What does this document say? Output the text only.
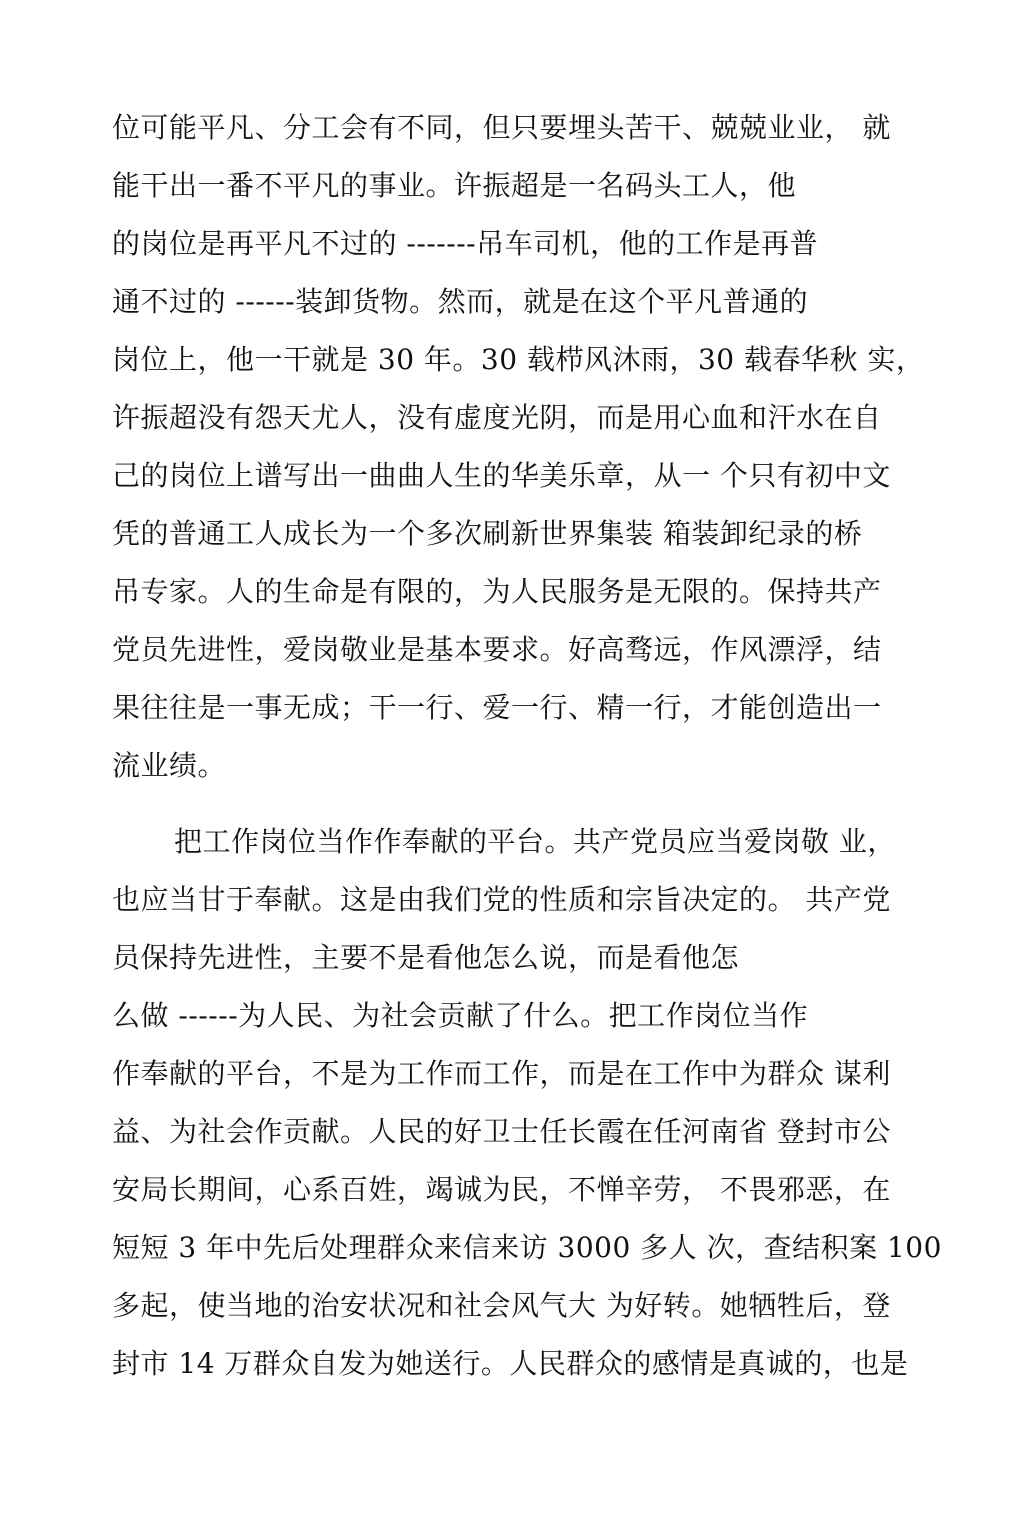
位可能平凡、分工会有不同，但只要埋头苦干、兢兢业业， 就
能干出一番不平凡的事业。许振超是一名码头工人，他
的岗位是再平凡不过的 -------吊车司机，他的工作是再普
通不过的 ------装卸货物。然而，就是在这个平凡普通的
岗位上，他一干就是 30 年。30 载栉风沐雨，30 载春华秋 实，
许振超没有怨天尤人，没有虚度光阴，而是用心血和汗水在自
己的岗位上谱写出一曲曲人生的华美乐章，从一 个只有初中文
凭的普通工人成长为一个多次刷新世界集装 箱装卸纪录的桥
吊专家。人的生命是有限的，为人民服务是无限的。保持共产
党员先进性，爱岗敬业是基本要求。好高骛远，作风漂浮，结
果往往是一事无成；干一行、爱一行、精一行，才能创造出一
流业绩。
把工作岗位当作作奉献的平台。共产党员应当爱岗敬 业，
也应当甘于奉献。这是由我们党的性质和宗旨决定的。 共产党
员保持先进性，主要不是看他怎么说，而是看他怎
么做 ------为人民、为社会贡献了什么。把工作岗位当作
作奉献的平台，不是为工作而工作，而是在工作中为群众 谋利
益、为社会作贡献。人民的好卫士任长霞在任河南省 登封市公
安局长期间，心系百姓，竭诚为民，不惮辛劳， 不畏邪恶，在
短短 3 年中先后处理群众来信来访 3000 多人 次，查结积案 100
多起，使当地的治安状况和社会风气大 为好转。她牺牲后，登
封市 14 万群众自发为她送行。人民群众的感情是真诚的，也是
